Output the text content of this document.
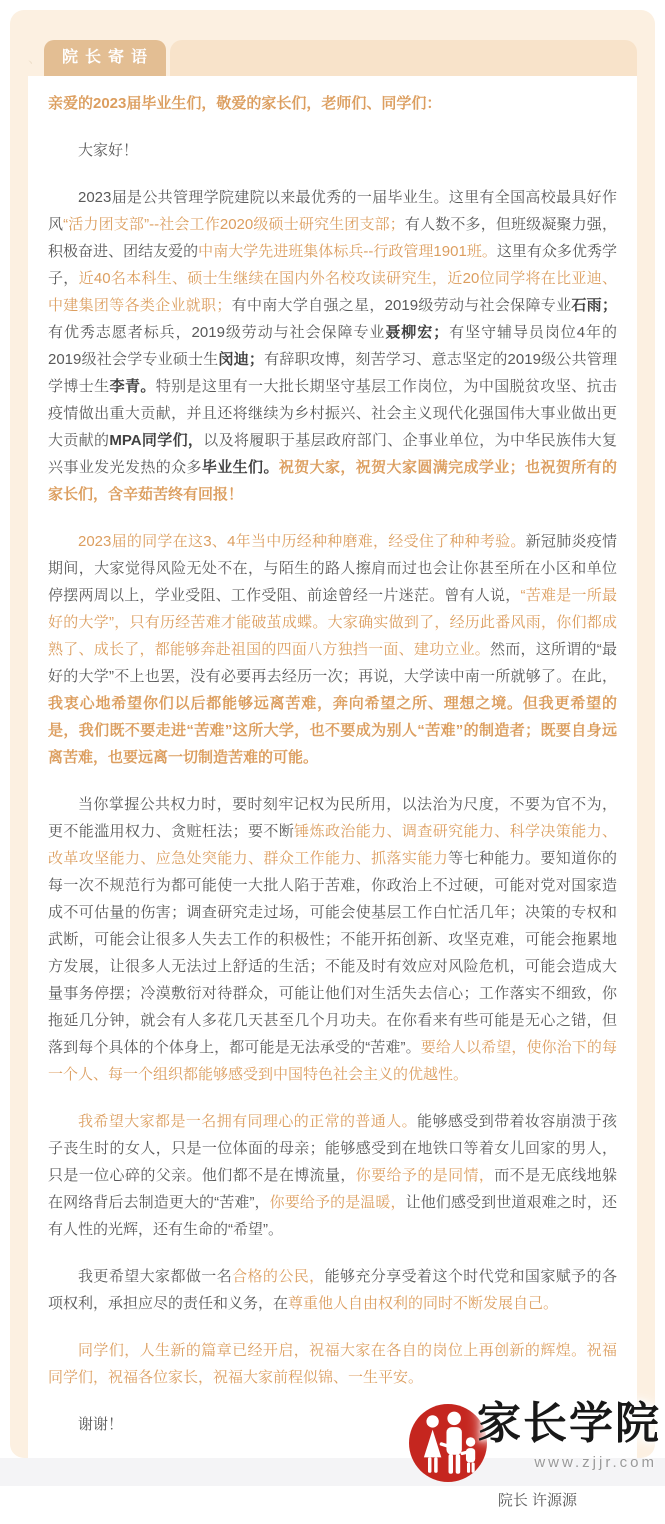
、	院长寄语

亲爱的2023届毕业生们，敬爱的家长们，老师们、同学们：

大家好！

2023届是公共管理学院建院以来最优秀的一届毕业生。这里有全国高校最具好作风“活力团支部”--社会工作2020级硕士研究生团支部；有人数不多，但班级凝聚力强，积极奋进、团结友爱的中南大学先进班集体标兵--行政管理1901班。这里有众多优秀学子，近40名本科生、硕士生继续在国内外名校攻读研究生，近20位同学将在比亚迪、中建集团等各类企业就职；有中南大学自强之星，2019级劳动与社会保障专业石雨；有优秀志愿者标兵，2019级劳动与社会保障专业聂柳宏；有坚守辅导员岗位4年的2019级社会学专业硕士生闵迪；有辞职攻博，刻苦学习、意志坚定的2019级公共管理学博士生李青。特别是这里有一大批长期坚守基层工作岗位，为中国脱贫攻坚、抗击疫情做出重大贡献，并且还将继续为乡村振兴、社会主义现代化强国伟大事业做出更大贡献的MPA同学们，以及将履职于基层政府部门、企事业单位，为中华民族伟大复兴事业发光发热的众多毕业生们。祝贺大家，祝贺大家圆满完成学业；也祝贺所有的家长们，含辛茹苦终有回报！

2023届的同学在这3、4年当中历经种种磨难，经受住了种种考验。新冠肺炎疫情期间，大家觉得风险无处不在，与陌生的路人擦肩而过也会让你甚至所在小区和单位停摆两周以上，学业受阻、工作受阻、前途曾经一片迷茫。曾有人说，“苦难是一所最好的大学”，只有历经苦难才能破茧成蝶。大家确实做到了，经历此番风雨，你们都成熟了、成长了，都能够奔赴祖国的四面八方独挡一面、建功立业。然而，这所谓的“最好的大学”不上也罢，没有必要再去经历一次；再说，大学读中南一所就够了。在此，我衷心地希望你们以后都能够远离苦难，奔向希望之所、理想之境。但我更希望的是，我们既不要走进“苦难”这所大学，也不要成为别人“苦难”的制造者；既要自身远离苦难，也要远离一切制造苦难的可能。

当你掌握公共权力时，要时刻牢记权为民所用，以法治为尺度，不要为官不为，更不能滥用权力、贪赃枉法；要不断锤炼政治能力、调查研究能力、科学决策能力、改革攻坚能力、应急处突能力、群众工作能力、抓落实能力等七种能力。要知道你的每一次不规范行为都可能使一大批人陷于苦难，你政治上不过硬，可能对党对国家造成不可估量的伤害；调查研究走过场，可能会使基层工作白忙活几年；决策的专权和武断，可能会让很多人失去工作的积极性；不能开拓创新、攻坚克难，可能会拖累地方发展，让很多人无法过上舒适的生活；不能及时有效应对风险危机，可能会造成大量事务停摆；冷漠敷衍对待群众，可能让他们对生活失去信心；工作落实不细致，你拖延几分钟，就会有人多花几天甚至几个月功夫。在你看来有些可能是无心之错，但落到每个具体的个体身上，都可能是无法承受的“苦难”。要给人以希望，使你治下的每一个人、每一个组织都能够感受到中国特色社会主义的优越性。

我希望大家都是一名拥有同理心的正常的普通人。能够感受到带着妆容崩溃于孩子丧生时的女人，只是一位体面的母亲；能够感受到在地铁口等着女儿回家的男人，只是一位心碎的父亲。他们都不是在博流量，你要给予的是同情，而不是无底线地躲在网络背后去制造更大的“苦难”，你要给予的是温暖，让他们感受到世道艰难之时，还有人性的光辉，还有生命的“希望”。

我更希望大家都做一名合格的公民，能够充分享受着这个时代党和国家赋予的各项权利，承担应尽的责任和义务，在尊重他人自由权利的同时不断发展自己。

同学们，人生新的篇章已经开启，祝福大家在各自的岗位上再创新的辉煌。祝福同学们，祝福各位家长，祝福大家前程似锦、一生平安。

谢谢！

院长 许源源
家长学院
www.zjjr.com
